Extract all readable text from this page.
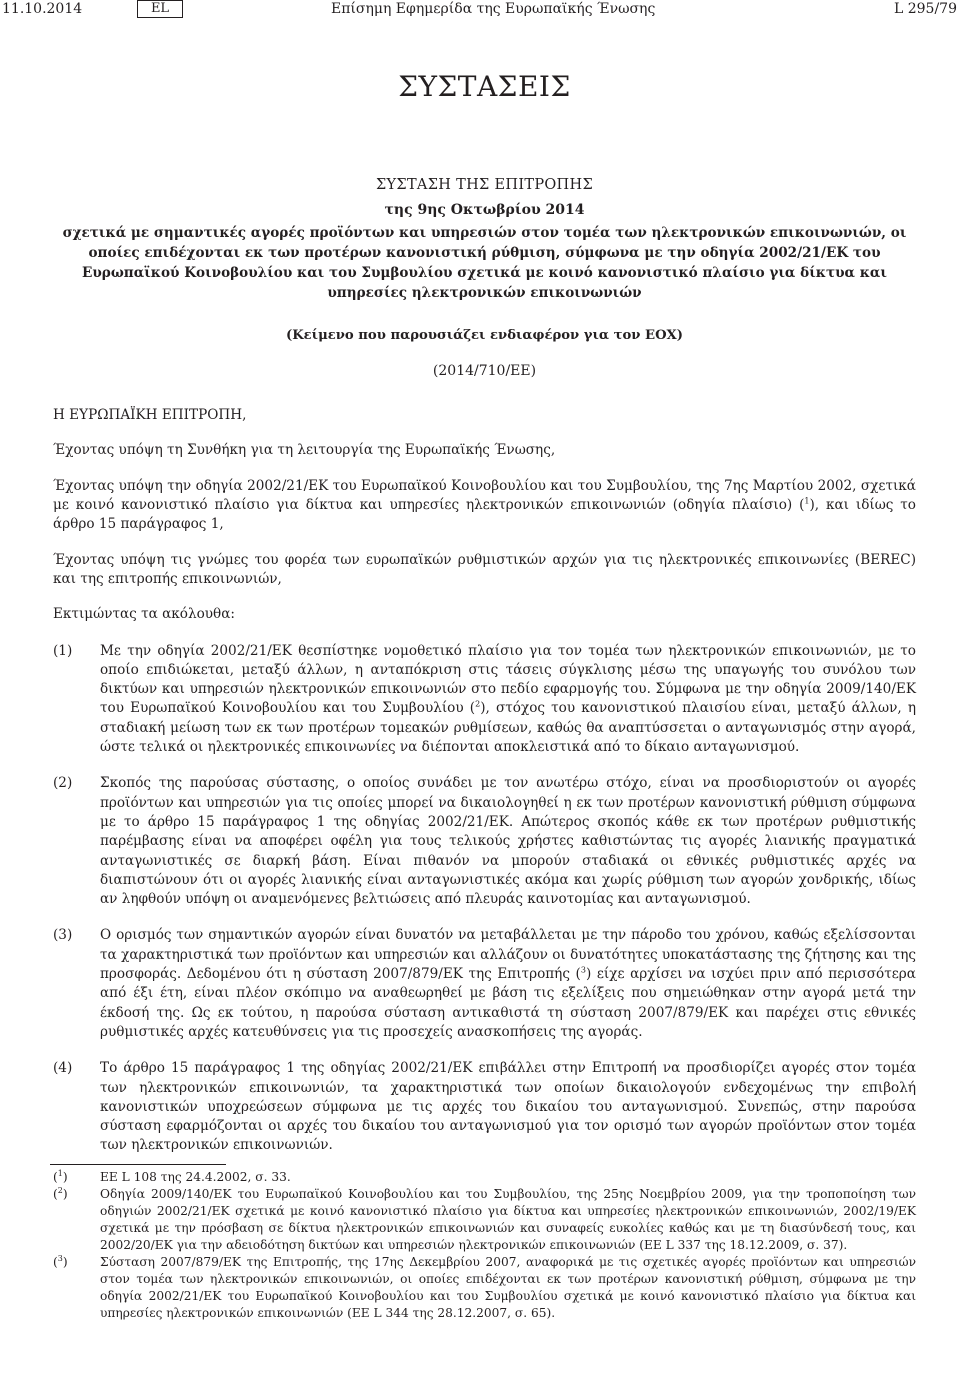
11.10.2014	EL	Επίσημη Εφημερίδα της Ευρωπαϊκής Ένωσης	L 295/79
ΣΥΣΤΑΣΕΙΣ
ΣΥΣΤΑΣΗ ΤΗΣ ΕΠΙΤΡΟΠΗΣ
της 9ης Οκτωβρίου 2014
σχετικά με σημαντικές αγορές προϊόντων και υπηρεσιών στον τομέα των ηλεκτρονικών επικοινωνιών, οι οποίες επιδέχονται εκ των προτέρων κανονιστική ρύθμιση, σύμφωνα με την οδηγία 2002/21/ΕΚ του Ευρωπαϊκού Κοινοβουλίου και του Συμβουλίου σχετικά με κοινό κανονιστικό πλαίσιο για δίκτυα και υπηρεσίες ηλεκτρονικών επικοινωνιών
(Κείμενο που παρουσιάζει ενδιαφέρον για τον ΕΟΧ)
(2014/710/ΕΕ)
Η ΕΥΡΩΠΑΪΚΗ ΕΠΙΤΡΟΠΗ,
Έχοντας υπόψη τη Συνθήκη για τη λειτουργία της Ευρωπαϊκής Ένωσης,
Έχοντας υπόψη την οδηγία 2002/21/ΕΚ του Ευρωπαϊκού Κοινοβουλίου και του Συμβουλίου, της 7ης Μαρτίου 2002, σχετικά με κοινό κανονιστικό πλαίσιο για δίκτυα και υπηρεσίες ηλεκτρονικών επικοινωνιών (οδηγία πλαίσιο) ($^1$), και ιδίως το άρθρο 15 παράγραφος 1,
Έχοντας υπόψη τις γνώμες του φορέα των ευρωπαϊκών ρυθμιστικών αρχών για τις ηλεκτρονικές επικοινωνίες (BEREC) και της επιτροπής επικοινωνιών,
Εκτιμώντας τα ακόλουθα:
(1)	Με την οδηγία 2002/21/ΕΚ θεσπίστηκε νομοθετικό πλαίσιο για τον τομέα των ηλεκτρονικών επικοινωνιών, με το οποίο επιδιώκεται, μεταξύ άλλων, η ανταπόκριση στις τάσεις σύγκλισης μέσω της υπαγωγής του συνόλου των δικτύων και υπηρεσιών ηλεκτρονικών επικοινωνιών στο πεδίο εφαρμογής του. Σύμφωνα με την οδηγία 2009/140/ΕΚ του Ευρωπαϊκού Κοινοβουλίου και του Συμβουλίου ($^2$), στόχος του κανονιστικού πλαισίου είναι, μεταξύ άλλων, η σταδιακή μείωση των εκ των προτέρων τομεακών ρυθμίσεων, καθώς θα αναπτύσσεται ο ανταγωνισμός στην αγορά, ώστε τελικά οι ηλεκτρονικές επικοινωνίες να διέπονται αποκλειστικά από το δίκαιο ανταγωνισμού.
(2)	Σκοπός της παρούσας σύστασης, ο οποίος συνάδει με τον ανωτέρω στόχο, είναι να προσδιοριστούν οι αγορές προϊόντων και υπηρεσιών για τις οποίες μπορεί να δικαιολογηθεί η εκ των προτέρων κανονιστική ρύθμιση σύμφωνα με το άρθρο 15 παράγραφος 1 της οδηγίας 2002/21/ΕΚ. Απώτερος σκοπός κάθε εκ των προτέρων ρυθμιστικής παρέμβασης είναι να αποφέρει οφέλη για τους τελικούς χρήστες καθιστώντας τις αγορές λιανικής πραγματικά ανταγωνιστικές σε διαρκή βάση. Είναι πιθανόν να μπορούν σταδιακά οι εθνικές ρυθμιστικές αρχές να διαπιστώνουν ότι οι αγορές λιανικής είναι ανταγωνιστικές ακόμα και χωρίς ρύθμιση των αγορών χονδρικής, ιδίως αν ληφθούν υπόψη οι αναμενόμενες βελτιώσεις από πλευράς καινοτομίας και ανταγωνισμού.
(3)	Ο ορισμός των σημαντικών αγορών είναι δυνατόν να μεταβάλλεται με την πάροδο του χρόνου, καθώς εξελίσσονται τα χαρακτηριστικά των προϊόντων και υπηρεσιών και αλλάζουν οι δυνατότητες υποκατάστασης της ζήτησης και της προσφοράς. Δεδομένου ότι η σύσταση 2007/879/ΕΚ της Επιτροπής ($^3$) είχε αρχίσει να ισχύει πριν από περισσότερα από έξι έτη, είναι πλέον σκόπιμο να αναθεωρηθεί με βάση τις εξελίξεις που σημειώθηκαν στην αγορά μετά την έκδοσή της. Ως εκ τούτου, η παρούσα σύσταση αντικαθιστά τη σύσταση 2007/879/ΕΚ και παρέχει στις εθνικές ρυθμιστικές αρχές κατευθύνσεις για τις προσεχείς ανασκοπήσεις της αγοράς.
(4)	Το άρθρο 15 παράγραφος 1 της οδηγίας 2002/21/ΕΚ επιβάλλει στην Επιτροπή να προσδιορίζει αγορές στον τομέα των ηλεκτρονικών επικοινωνιών, τα χαρακτηριστικά των οποίων δικαιολογούν ενδεχομένως την επιβολή κανονιστικών υποχρεώσεων σύμφωνα με τις αρχές του δικαίου του ανταγωνισμού. Συνεπώς, στην παρούσα σύσταση εφαρμόζονται οι αρχές του δικαίου του ανταγωνισμού για τον ορισμό των αγορών προϊόντων στον τομέα των ηλεκτρονικών επικοινωνιών.
($^1$)	ΕΕ L 108 της 24.4.2002, σ. 33.
($^2$)	Οδηγία 2009/140/ΕΚ του Ευρωπαϊκού Κοινοβουλίου και του Συμβουλίου, της 25ης Νοεμβρίου 2009, για την τροποποίηση των οδηγιών 2002/21/ΕΚ σχετικά με κοινό κανονιστικό πλαίσιο για δίκτυα και υπηρεσίες ηλεκτρονικών επικοινωνιών, 2002/19/ΕΚ σχετικά με την πρόσβαση σε δίκτυα ηλεκτρονικών επικοινωνιών και συναφείς ευκολίες καθώς και με τη διασύνδεσή τους, και 2002/20/ΕΚ για την αδειοδότηση δικτύων και υπηρεσιών ηλεκτρονικών επικοινωνιών (ΕΕ L 337 της 18.12.2009, σ. 37).
($^3$)	Σύσταση 2007/879/ΕΚ της Επιτροπής, της 17ης Δεκεμβρίου 2007, αναφορικά με τις σχετικές αγορές προϊόντων και υπηρεσιών στον τομέα των ηλεκτρονικών επικοινωνιών, οι οποίες επιδέχονται εκ των προτέρων κανονιστική ρύθμιση, σύμφωνα με την οδηγία 2002/21/ΕΚ του Ευρωπαϊκού Κοινοβουλίου και του Συμβουλίου σχετικά με κοινό κανονιστικό πλαίσιο για δίκτυα και υπηρεσίες ηλεκτρονικών επικοινωνιών (ΕΕ L 344 της 28.12.2007, σ. 65).
